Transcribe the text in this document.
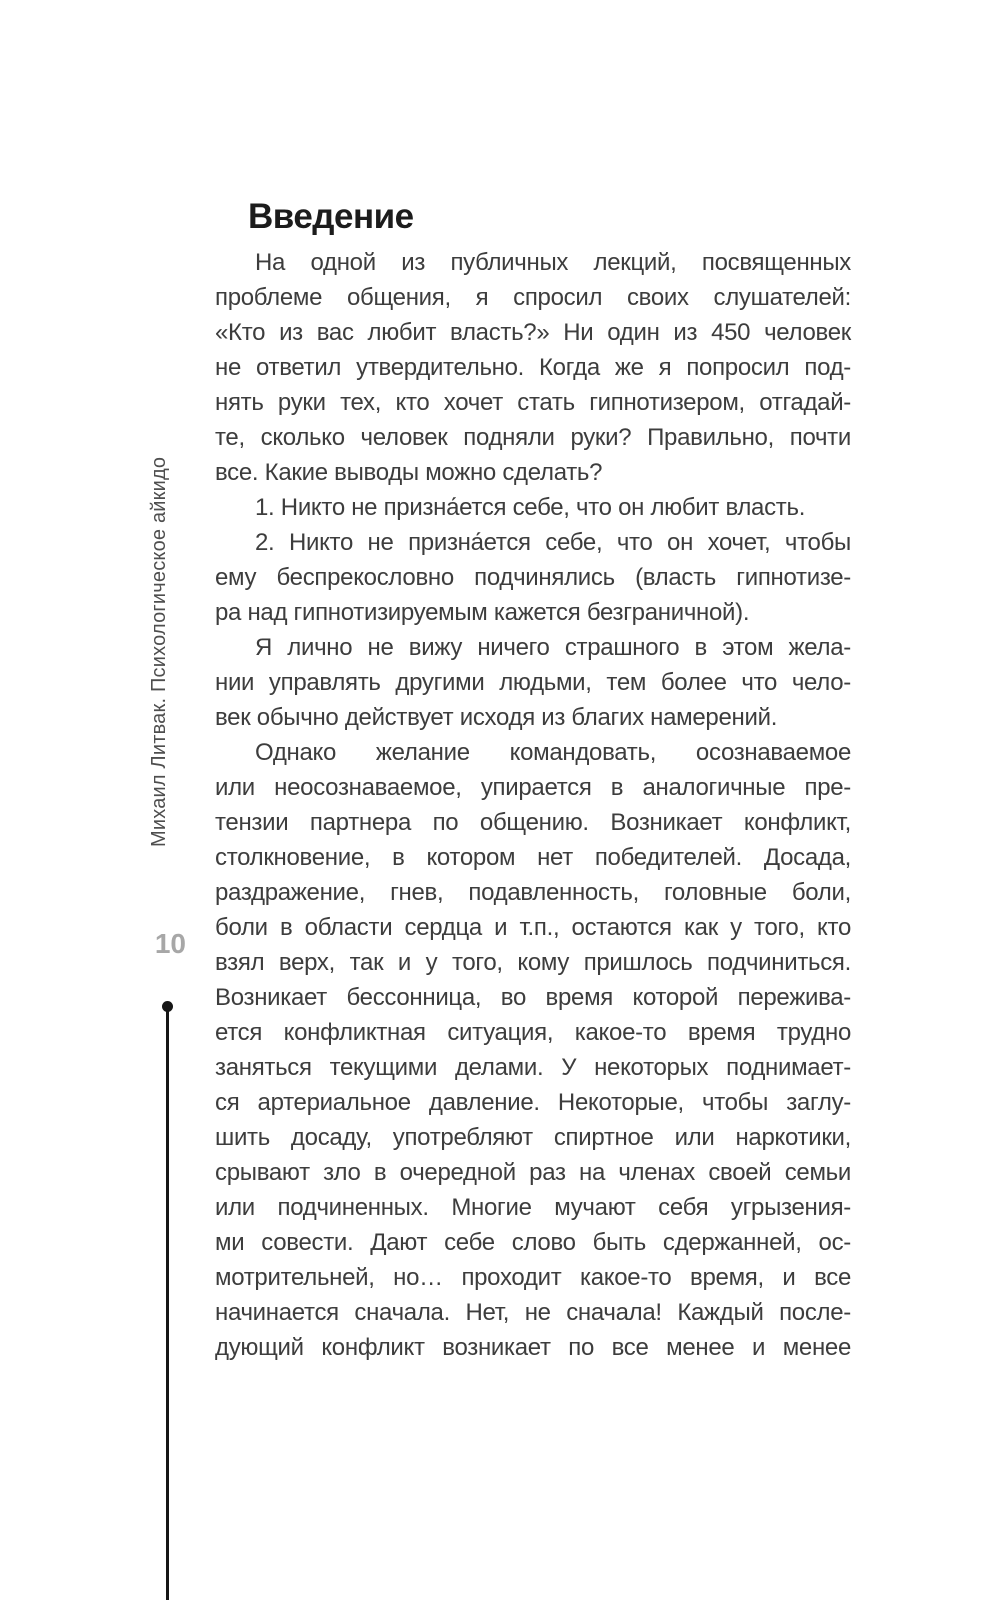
Михаил Литвак. Психологическое айкидо
10
Введение
На одной из публичных лекций, посвященных
проблеме общения, я спросил своих слушателей:
«Кто из вас любит власть?» Ни один из 450 человек
не ответил утвердительно. Когда же я попросил под-
нять руки тех, кто хочет стать гипнотизером, отгадай-
те, сколько человек подняли руки? Правильно, почти
все. Какие выводы можно сделать?
1. Никто не призна́ется себе, что он любит власть.
2. Никто не призна́ется себе, что он хочет, чтобы
ему беспрекословно подчинялись (власть гипнотизе-
ра над гипнотизируемым кажется безграничной).
Я лично не вижу ничего страшного в этом жела-
нии управлять другими людьми, тем более что чело-
век обычно действует исходя из благих намерений.
Однако желание командовать, осознаваемое
или неосознаваемое, упирается в аналогичные пре-
тензии партнера по общению. Возникает конфликт,
столкновение, в котором нет победителей. Досада,
раздражение, гнев, подавленность, головные боли,
боли в области сердца и т.п., остаются как у того, кто
взял верх, так и у того, кому пришлось подчиниться.
Возникает бессонница, во время которой пережива-
ется конфликтная ситуация, какое-то время трудно
заняться текущими делами. У некоторых поднимает-
ся артериальное давление. Некоторые, чтобы заглу-
шить досаду, употребляют спиртное или наркотики,
срывают зло в очередной раз на членах своей семьи
или подчиненных. Многие мучают себя угрызения-
ми совести. Дают себе слово быть сдержанней, ос-
мотрительней, но… проходит какое-то время, и все
начинается сначала. Нет, не сначала! Каждый после-
дующий конфликт возникает по все менее и менее
